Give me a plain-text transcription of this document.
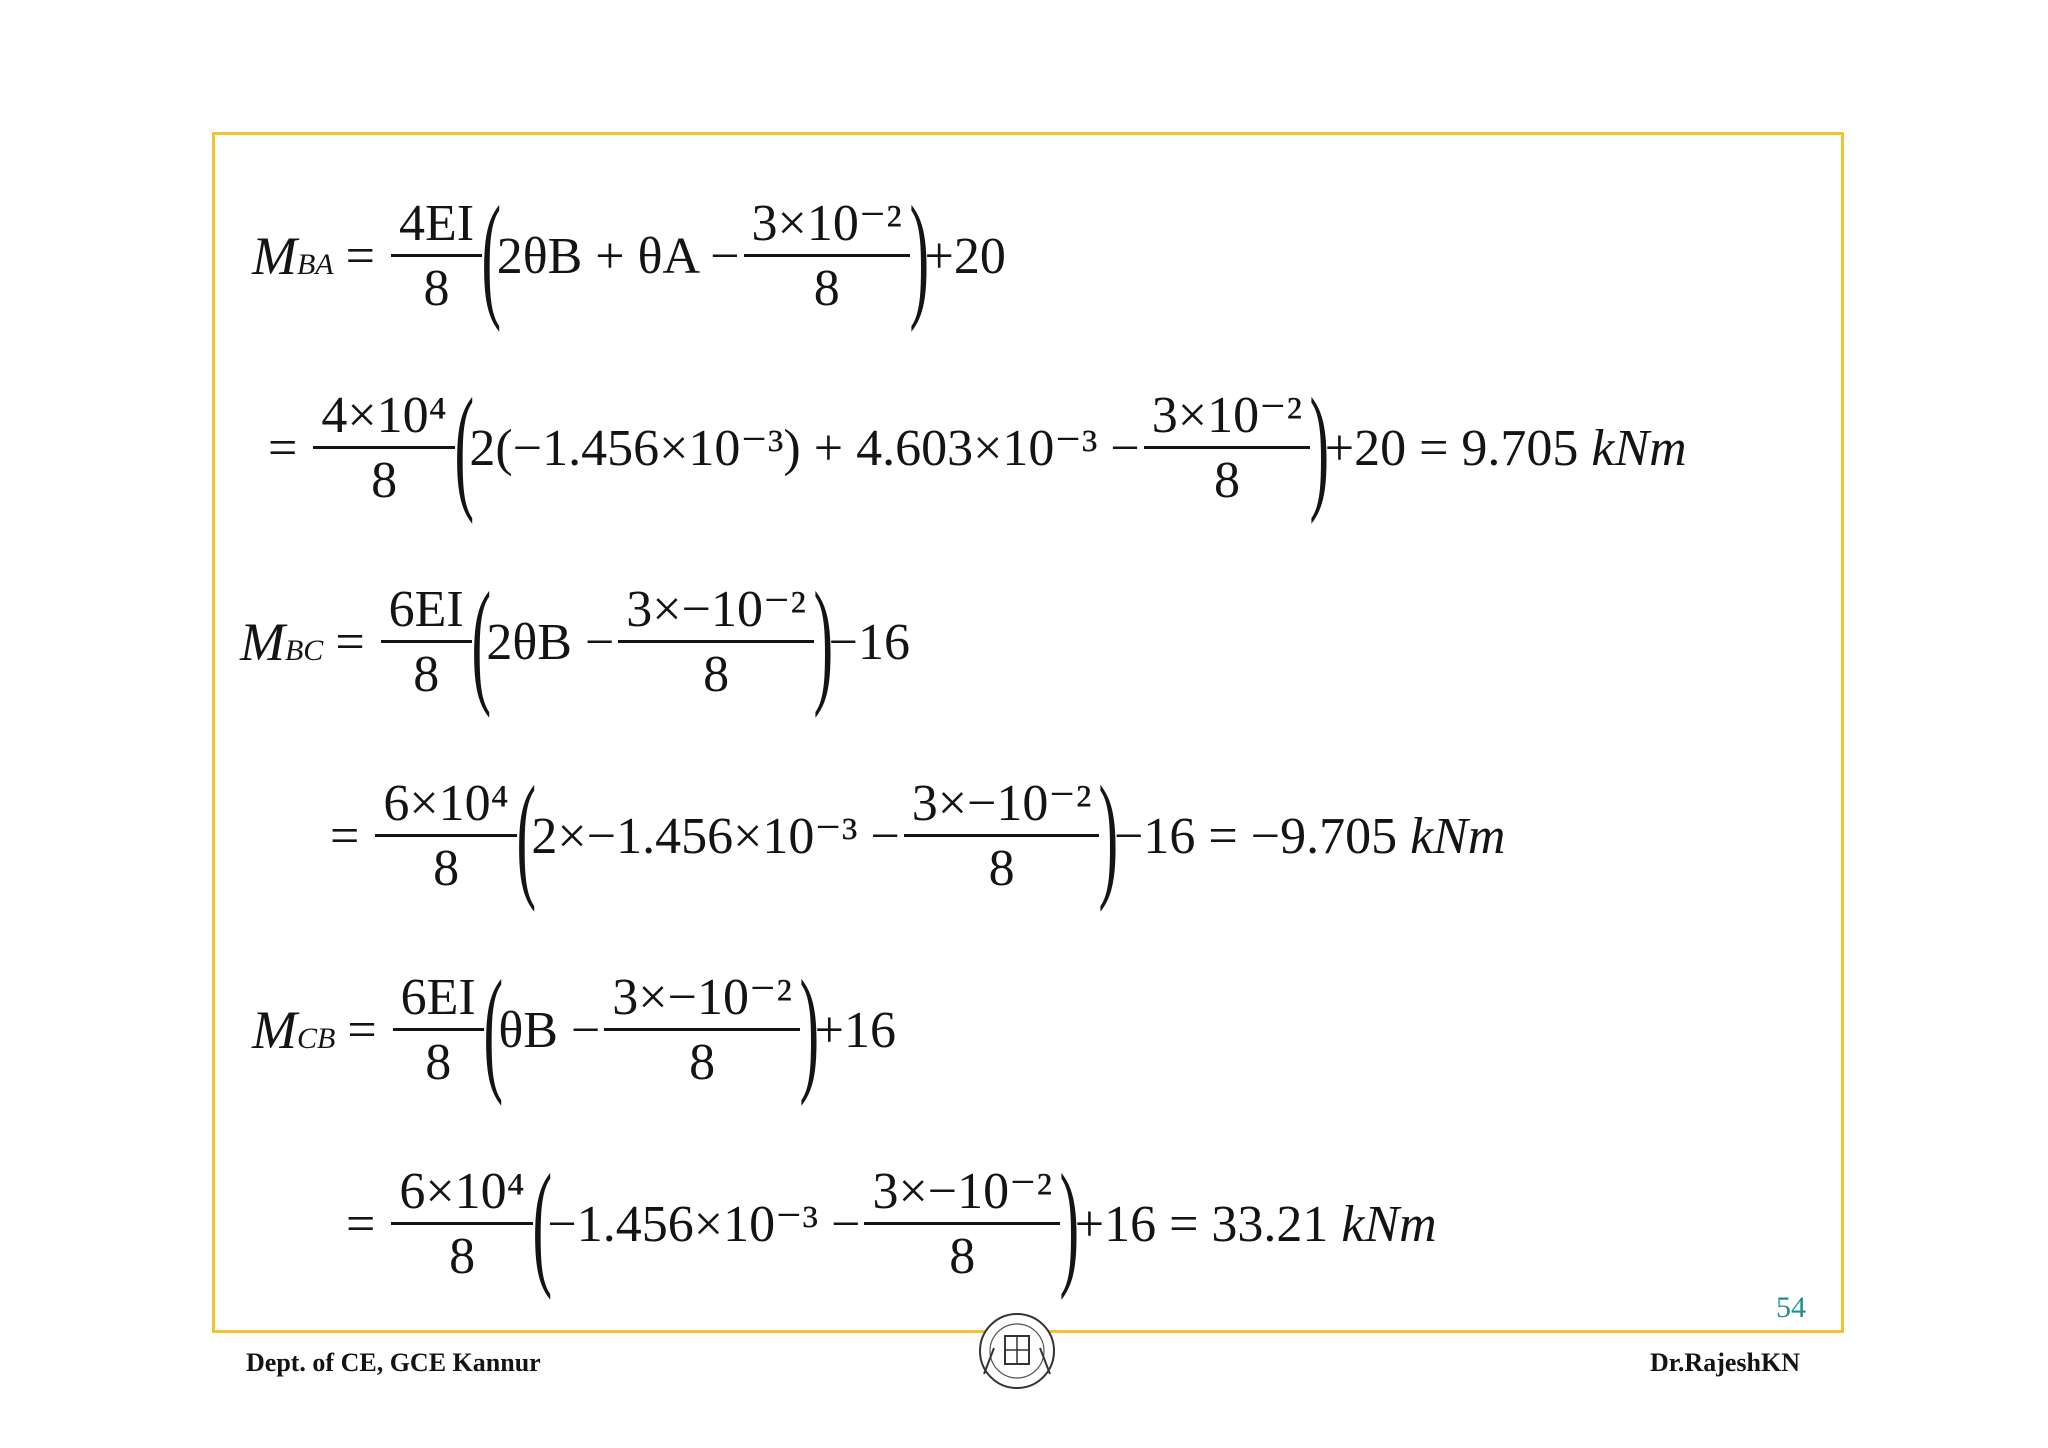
M BA = $\frac{4EI}{8}$ (
$2\theta B + \theta A - \frac{\text{3×10⁻²}}{8}$ )
+20
= $\frac{\text{4×10⁴}}{8}$ (
$2(-1.456\times 10^{-3}) + 4.603\times 10^{-3} - \frac{\text{3×10⁻²}}{8}$ )
+20 = 9.705 kNm
M BC = $\frac{6EI}{8}$ (
$2\theta B - \frac{\text{3×−10⁻²}}{8}$ )
−16
= $\frac{\text{6×10⁴}}{8}$ (
$2\times-1.456\times 10^{-3} - \frac{\text{3×−10⁻²}}{8}$ )
−16 = −9.705 kNm
M CB = $\frac{6EI}{8}$ (
$\theta B - \frac{\text{3×−10⁻²}}{8}$ )
+16
= $\frac{\text{6×10⁴}}{8}$ (
$-1.456\times 10^{-3} - \frac{\text{3×−10⁻²}}{8}$ )
+16 = 33.21 kNm
54
Dept. of CE, GCE Kannur	Dr.RajeshKN
